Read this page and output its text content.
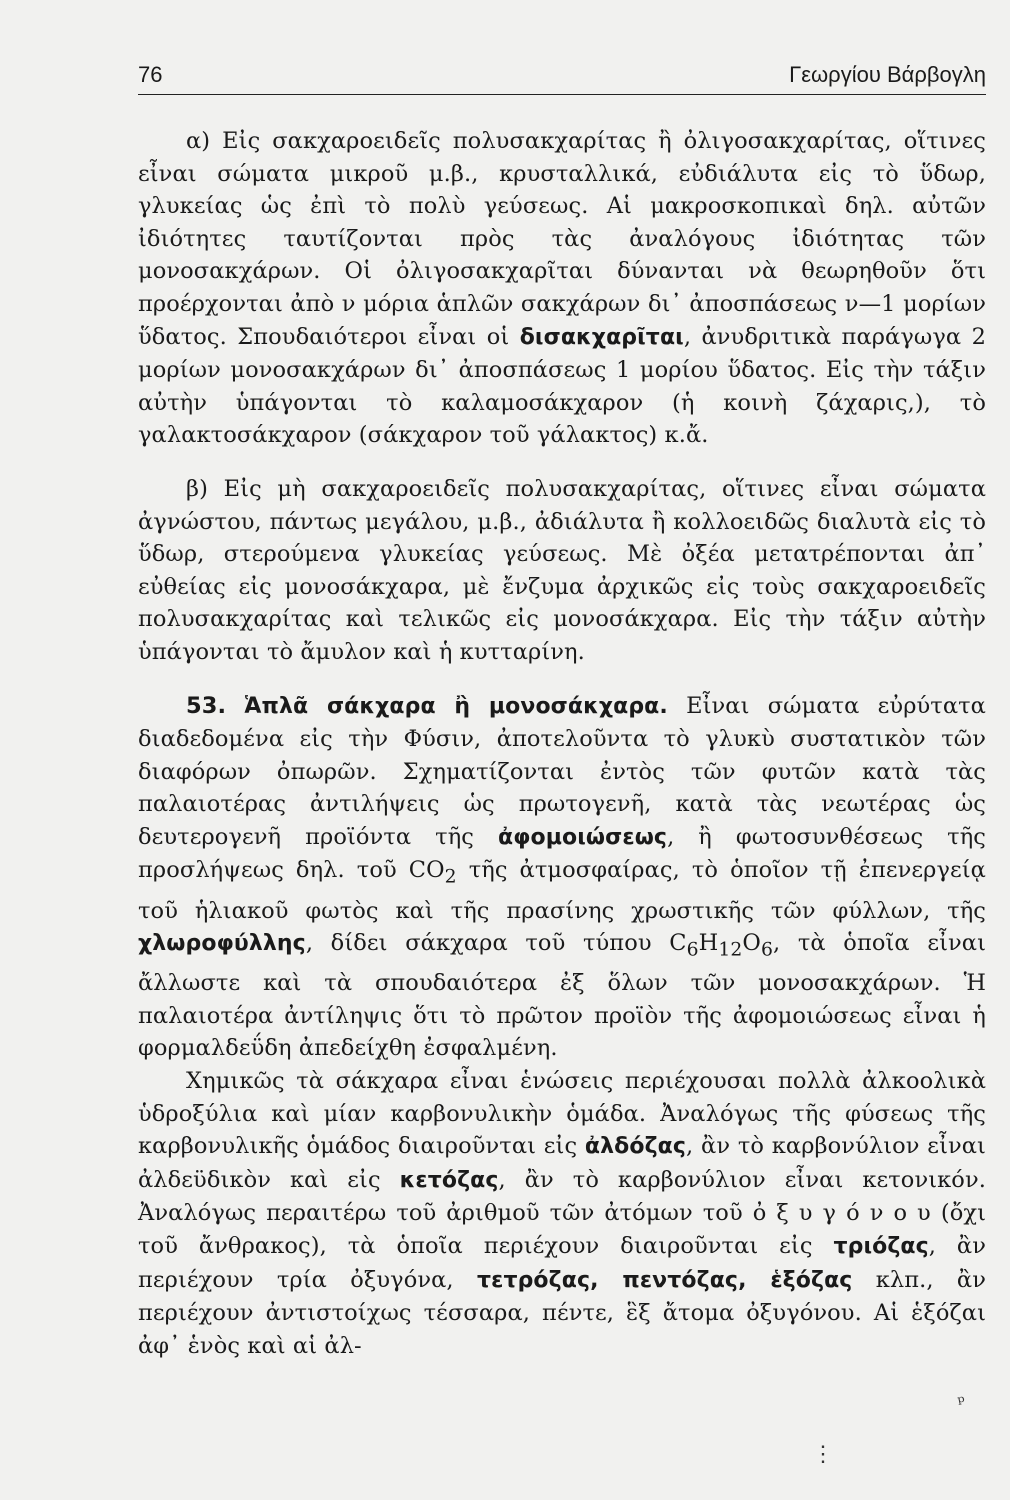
76	Γεωργίου Βάρβογλη

α) Εἰς σακχαροειδεῖς πολυσακχαρίτας ἢ ὀλιγοσακχαρίτας, οἵτινες εἶναι σώματα μικροῦ μ.β., κρυσταλλικά, εὐδιάλυτα εἰς τὸ ὕδωρ, γλυκείας ὡς ἐπὶ τὸ πολὺ γεύσεως. Αἱ μακροσκοπικαὶ δηλ. αὐτῶν ἰδιότητες ταυτίζονται πρὸς τὰς ἀναλόγους ἰδιότητας τῶν μονοσακχάρων. Οἱ ὀλιγοσακχαρῖται δύνανται νὰ θεωρηθοῦν ὅτι προέρχονται ἀπὸ ν μόρια ἁπλῶν σακχάρων δι᾽ ἀποσπάσεως ν—1 μορίων ὕδατος. Σπουδαιότεροι εἶναι οἱ δισακχαρῖται, ἀνυδριτικὰ παράγωγα 2 μορίων μονοσακχάρων δι᾽ ἀποσπάσεως 1 μορίου ὕδατος. Εἰς τὴν τάξιν αὐτὴν ὑπάγονται τὸ καλαμοσάκχαρον (ἡ κοινὴ ζάχαρις,), τὸ γαλακτοσάκχαρον (σάκχαρον τοῦ γάλακτος) κ.ἄ.

β) Εἰς μὴ σακχαροειδεῖς πολυσακχαρίτας, οἵτινες εἶναι σώματα ἀγνώστου, πάντως μεγάλου, μ.β., ἀδιάλυτα ἢ κολλοειδῶς διαλυτὰ εἰς τὸ ὕδωρ, στερούμενα γλυκείας γεύσεως. Μὲ ὀξέα μετατρέπονται ἀπ᾽ εὐθείας εἰς μονοσάκχαρα, μὲ ἔνζυμα ἀρχικῶς εἰς τοὺς σακχαροειδεῖς πολυσακχαρίτας καὶ τελικῶς εἰς μονοσάκχαρα. Εἰς τὴν τάξιν αὐτὴν ὑπάγονται τὸ ἄμυλον καὶ ἡ κυτταρίνη.

53. Ἁπλᾶ σάκχαρα ἢ μονοσάκχαρα. Εἶναι σώματα εὐρύτατα διαδεδομένα εἰς τὴν Φύσιν, ἀποτελοῦντα τὸ γλυκὺ συστατικὸν τῶν διαφόρων ὀπωρῶν. Σχηματίζονται ἐντὸς τῶν φυτῶν κατὰ τὰς παλαιοτέρας ἀντιλήψεις ὡς πρωτογενῆ, κατὰ τὰς νεωτέρας ὡς δευτερογενῆ προϊόντα τῆς ἀφομοιώσεως, ἢ φωτοσυνθέσεως τῆς προσλήψεως δηλ. τοῦ $CO_2$ τῆς ἀτμοσφαίρας, τὸ ὁποῖον τῇ ἐπενεργείᾳ τοῦ ἡλιακοῦ φωτὸς καὶ τῆς πρασίνης χρωστικῆς τῶν φύλλων, τῆς χλωροφύλλης, δίδει σάκχαρα τοῦ τύπου $C_6H_{12}O_6$, τὰ ὁποῖα εἶναι ἄλλωστε καὶ τὰ σπουδαιότερα ἐξ ὅλων τῶν μονοσακχάρων. Ἡ παλαιοτέρα ἀντίληψις ὅτι τὸ πρῶτον προϊὸν τῆς ἀφομοιώσεως εἶναι ἡ φορμαλδεΰδη ἀπεδείχθη ἐσφαλμένη.

Χημικῶς τὰ σάκχαρα εἶναι ἑνώσεις περιέχουσαι πολλὰ ἀλκοολικὰ ὑδροξύλια καὶ μίαν καρβονυλικὴν ὁμάδα. Ἀναλόγως τῆς φύσεως τῆς καρβονυλικῆς ὁμάδος διαιροῦνται εἰς ἀλδόζας, ἂν τὸ καρβονύλιον εἶναι ἀλδεϋδικὸν καὶ εἰς κετόζας, ἂν τὸ καρβονύλιον εἶναι κετονικόν. Ἀναλόγως περαιτέρω τοῦ ἀριθμοῦ τῶν ἀτόμων τοῦ ὀ ξ υ γ ό ν ο υ (ὄχι τοῦ ἄνθρακος), τὰ ὁποῖα περιέχουν διαιροῦνται εἰς τριόζας, ἂν περιέχουν τρία ὀξυγόνα, τετρόζας, πεντόζας, ἑξόζας κλπ., ἂν περιέχουν ἀντιστοίχως τέσσαρα, πέντε, ἓξ ἄτομα ὀξυγόνου. Αἱ ἑξόζαι ἀφ᾽ ἑνὸς καὶ αἱ ἀλ-

ᵖ
⋮
